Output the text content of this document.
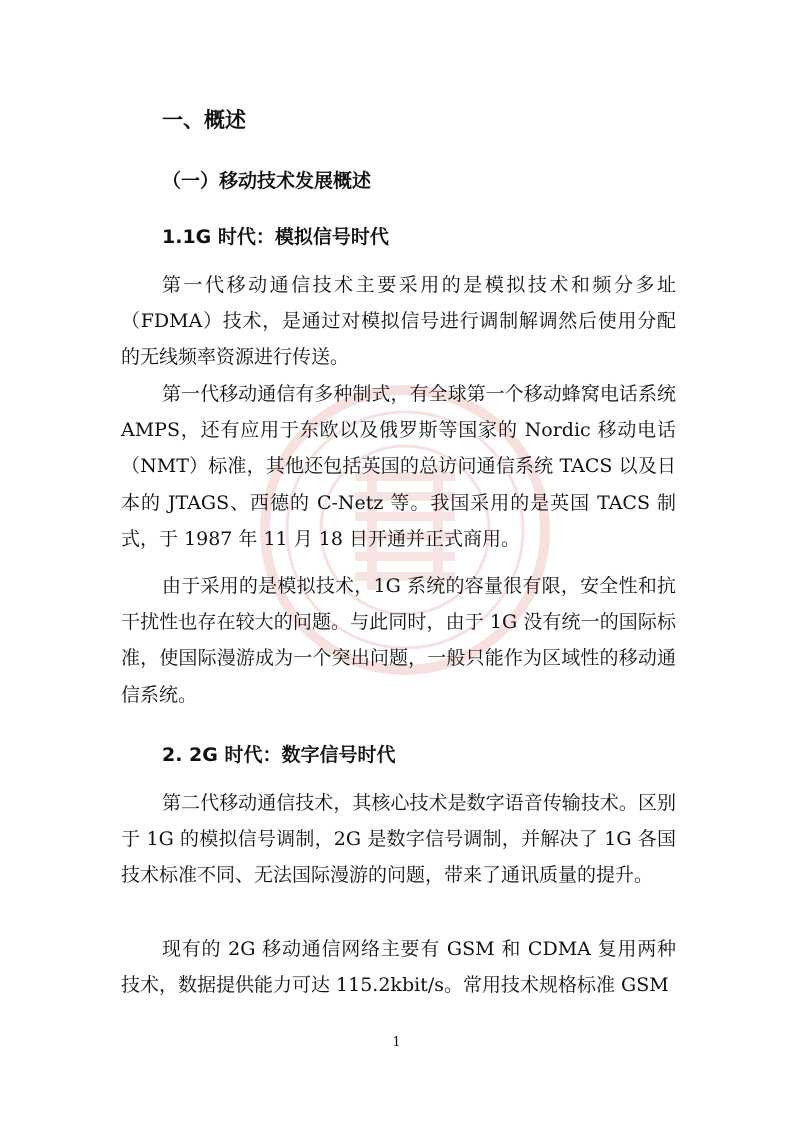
一、概述
（一）移动技术发展概述
1.1G 时代：模拟信号时代

第一代移动通信技术主要采用的是模拟技术和频分多址（FDMA）技术，是通过对模拟信号进行调制解调然后使用分配的无线频率资源进行传送。

第一代移动通信有多种制式，有全球第一个移动蜂窝电话系统 AMPS，还有应用于东欧以及俄罗斯等国家的 Nordic 移动电话（NMT）标准，其他还包括英国的总访问通信系统 TACS 以及日本的 JTAGS、西德的 C-Netz 等。我国采用的是英国 TACS 制式，于 1987 年 11 月 18 日开通并正式商用。

由于采用的是模拟技术，1G 系统的容量很有限，安全性和抗干扰性也存在较大的问题。与此同时，由于 1G 没有统一的国际标准，使国际漫游成为一个突出问题，一般只能作为区域性的移动通信系统。

2. 2G 时代：数字信号时代

第二代移动通信技术，其核心技术是数字语音传输技术。区别于 1G 的模拟信号调制，2G 是数字信号调制，并解决了 1G 各国技术标准不同、无法国际漫游的问题，带来了通讯质量的提升。

现有的 2G 移动通信网络主要有 GSM 和 CDMA 复用两种技术，数据提供能力可达 115.2kbit/s。常用技术规格标准 GSM

1
